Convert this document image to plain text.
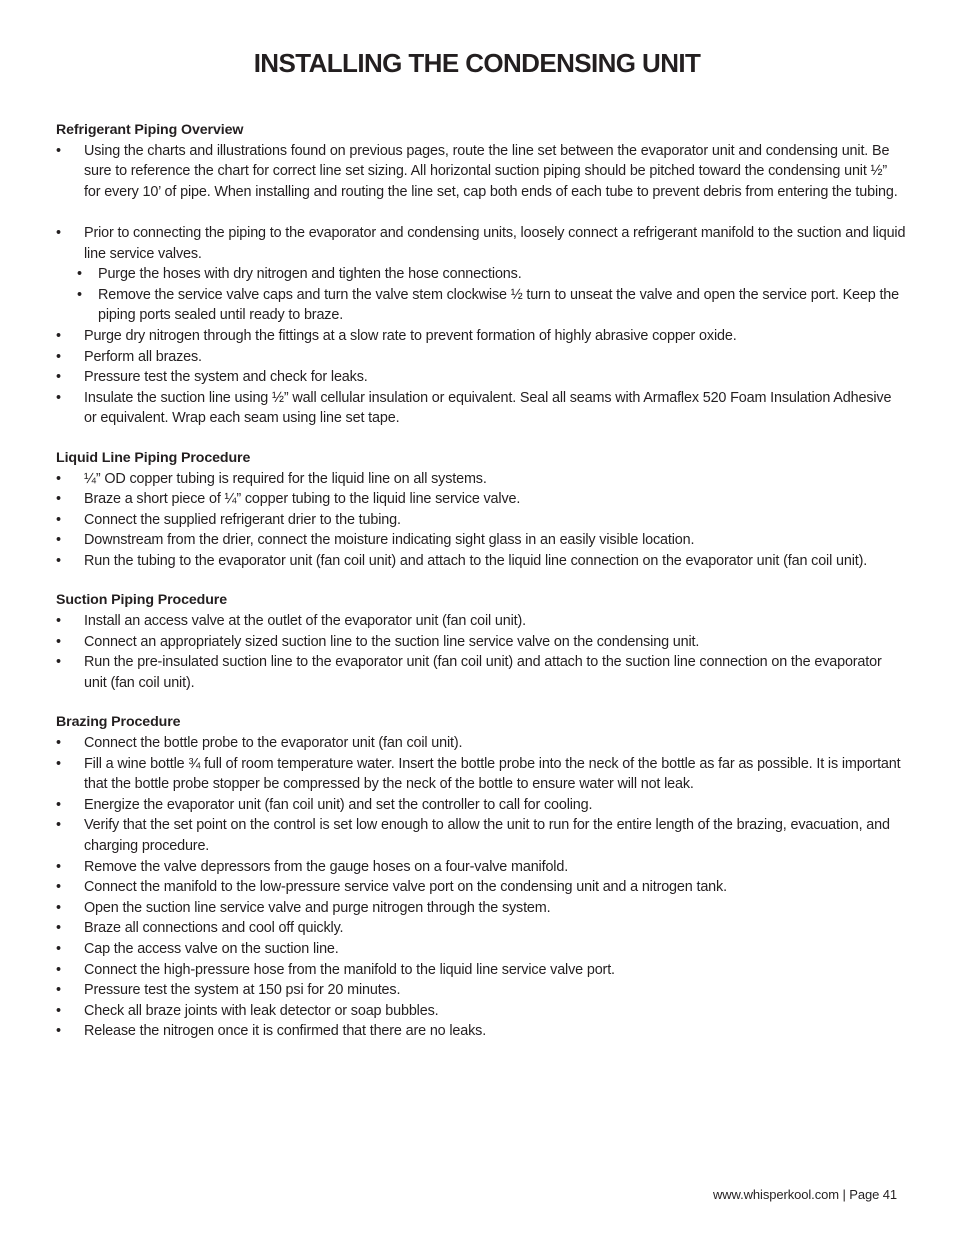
INSTALLING THE CONDENSING UNIT

Refrigerant Piping Overview

• Using the charts and illustrations found on previous pages, route the line set between the evaporator unit and condensing unit. Be sure to reference the chart for correct line set sizing. All horizontal suction piping should be pitched toward the condensing unit ½” for every 10’ of pipe. When installing and routing the line set, cap both ends of each tube to prevent debris from entering the tubing.
• Prior to connecting the piping to the evaporator and condensing units, loosely connect a refrigerant manifold to the suction and liquid line service valves.
• Purge the hoses with dry nitrogen and tighten the hose connections.
• Remove the service valve caps and turn the valve stem clockwise ½ turn to unseat the valve and open the service port. Keep the piping ports sealed until ready to braze.
• Purge dry nitrogen through the fittings at a slow rate to prevent formation of highly abrasive copper oxide.
• Perform all brazes.
• Pressure test the system and check for leaks.
• Insulate the suction line using ½” wall cellular insulation or equivalent. Seal all seams with Armaflex 520 Foam Insulation Adhesive or equivalent. Wrap each seam using line set tape.

Liquid Line Piping Procedure

• ¼” OD copper tubing is required for the liquid line on all systems.
• Braze a short piece of ¼” copper tubing to the liquid line service valve.
• Connect the supplied refrigerant drier to the tubing.
• Downstream from the drier, connect the moisture indicating sight glass in an easily visible location.
• Run the tubing to the evaporator unit (fan coil unit) and attach to the liquid line connection on the evaporator unit (fan coil unit).

Suction Piping Procedure

• Install an access valve at the outlet of the evaporator unit (fan coil unit).
• Connect an appropriately sized suction line to the suction line service valve on the condensing unit.
• Run the pre-insulated suction line to the evaporator unit (fan coil unit) and attach to the suction line connection on the evaporator unit (fan coil unit).

Brazing Procedure

• Connect the bottle probe to the evaporator unit (fan coil unit).
• Fill a wine bottle ¾ full of room temperature water. Insert the bottle probe into the neck of the bottle as far as possible. It is important that the bottle probe stopper be compressed by the neck of the bottle to ensure water will not leak.
• Energize the evaporator unit (fan coil unit) and set the controller to call for cooling.
• Verify that the set point on the control is set low enough to allow the unit to run for the entire length of the brazing, evacuation, and charging procedure.
• Remove the valve depressors from the gauge hoses on a four-valve manifold.
• Connect the manifold to the low-pressure service valve port on the condensing unit and a nitrogen tank.
• Open the suction line service valve and purge nitrogen through the system.
• Braze all connections and cool off quickly.
• Cap the access valve on the suction line.
• Connect the high-pressure hose from the manifold to the liquid line service valve port.
• Pressure test the system at 150 psi for 20 minutes.
• Check all braze joints with leak detector or soap bubbles.
• Release the nitrogen once it is confirmed that there are no leaks.
www.whisperkool.com | Page 41
